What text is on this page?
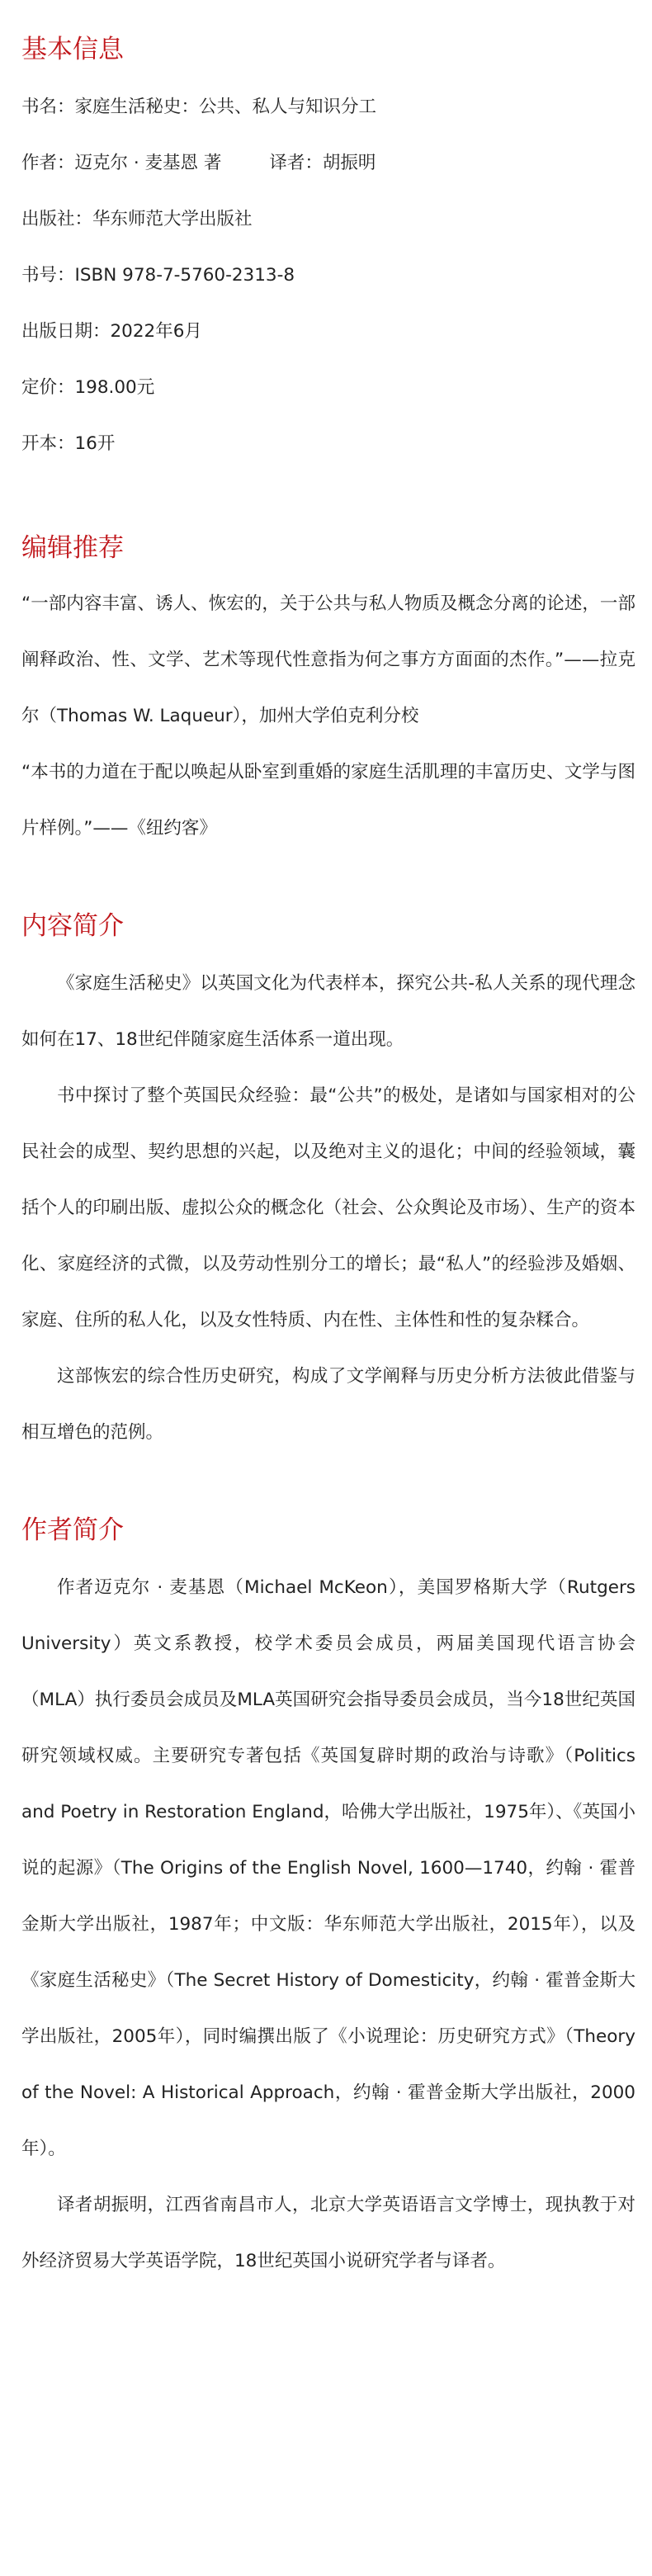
基本信息

书名：家庭生活秘史：公共、私人与知识分工

作者：迈克尔 · 麦基恩 著	译者：胡振明

出版社：华东师范大学出版社

书号：ISBN 978-7-5760-2313-8

出版日期：2022年6月

定价：198.00元

开本：16开

编辑推荐

“一部内容丰富、诱人、恢宏的，关于公共与私人物质及概念分离的论述，一部阐释政治、性、文学、艺术等现代性意指为何之事方方面面的杰作。”——拉克尔（Thomas W. Laqueur），加州大学伯克利分校

“本书的力道在于配以唤起从卧室到重婚的家庭生活肌理的丰富历史、文学与图片样例。”——《纽约客》

内容简介

《家庭生活秘史》以英国文化为代表样本，探究公共-私人关系的现代理念如何在17、18世纪伴随家庭生活体系一道出现。

书中探讨了整个英国民众经验：最“公共”的极处，是诸如与国家相对的公民社会的成型、契约思想的兴起，以及绝对主义的退化；中间的经验领域，囊括个人的印刷出版、虚拟公众的概念化（社会、公众舆论及市场）、生产的资本化、家庭经济的式微，以及劳动性别分工的增长；最“私人”的经验涉及婚姻、家庭、住所的私人化，以及女性特质、内在性、主体性和性的复杂糅合。

这部恢宏的综合性历史研究，构成了文学阐释与历史分析方法彼此借鉴与相互增色的范例。

作者简介

作者迈克尔 · 麦基恩（Michael McKeon），美国罗格斯大学（Rutgers University）英文系教授，校学术委员会成员，两届美国现代语言协会（MLA）执行委员会成员及MLA英国研究会指导委员会成员，当今18世纪英国研究领域权威。主要研究专著包括《英国复辟时期的政治与诗歌》（Politics and Poetry in Restoration England，哈佛大学出版社，1975年）、《英国小说的起源》（The Origins of the English Novel, 1600—1740，约翰 · 霍普金斯大学出版社，1987年；中文版：华东师范大学出版社，2015年），以及《家庭生活秘史》（The Secret History of Domesticity，约翰 · 霍普金斯大学出版社，2005年），同时编撰出版了《小说理论：历史研究方式》（Theory of the Novel: A Historical Approach，约翰 · 霍普金斯大学出版社，2000年）。

译者胡振明，江西省南昌市人，北京大学英语语言文学博士，现执教于对外经济贸易大学英语学院，18世纪英国小说研究学者与译者。
